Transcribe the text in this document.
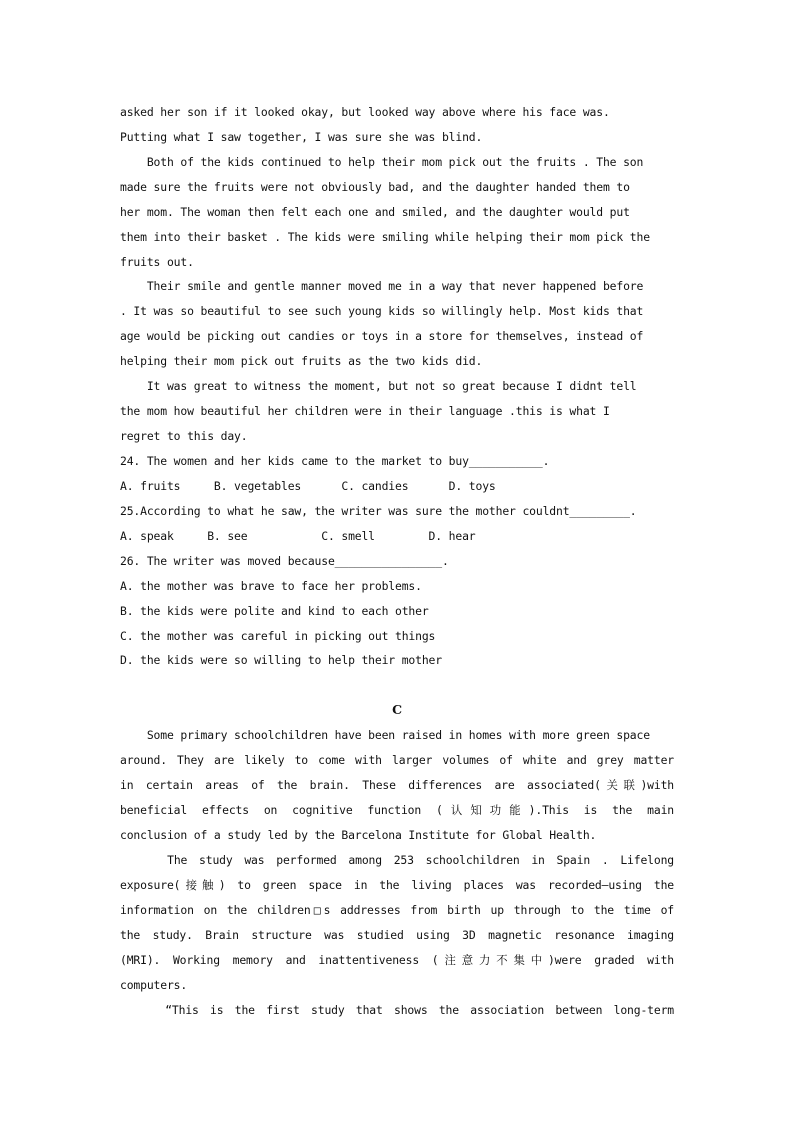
asked her son if it looked okay, but looked way above where his face was.
Putting what I saw together, I was sure she was blind.
Both of the kids continued to help their mom pick out the fruits . The son
made sure the fruits were not obviously bad, and the daughter handed them to
her mom. The woman then felt each one and smiled, and the daughter would put
them into their basket . The kids were smiling while helping their mom pick the
fruits out.
Their smile and gentle manner moved me in a way that never happened before
. It was so beautiful to see such young kids so willingly help. Most kids that
age would be picking out candies or toys in a store for themselves, instead of
helping their mom pick out fruits as the two kids did.
It was great to witness the moment, but not so great because I didnt tell
the mom how beautiful her children were in their language .this is what I
regret to this day.
24. The women and her kids came to the market to buy___________.
A. fruits     B. vegetables      C. candies      D. toys
25.According to what he saw, the writer was sure the mother couldnt_________.
A. speak     B. see           C. smell        D. hear
26. The writer was moved because________________.
A. the mother was brave to face her problems.
B. the kids were polite and kind to each other
C. the mother was careful in picking out things
D. the kids were so willing to help their mother
C
Some primary schoolchildren have been raised in homes with more green space
around. They are likely to come with larger volumes of white and grey matter
in certain areas of the brain. These differences are associated(关联)with
beneficial effects on cognitive function (认知功能).This is the main
conclusion of a study led by the Barcelona Institute for Global Health.
The study was performed among 253 schoolchildren in Spain . Lifelong
exposure(接触) to green space in the living places was recorded—using the
information on the children□s addresses from birth up through to the time of
the study. Brain structure was studied using 3D magnetic resonance imaging
(MRI). Working memory and inattentiveness (注意力不集中)were graded with
computers.
“This is the first study that shows the association between long-term
